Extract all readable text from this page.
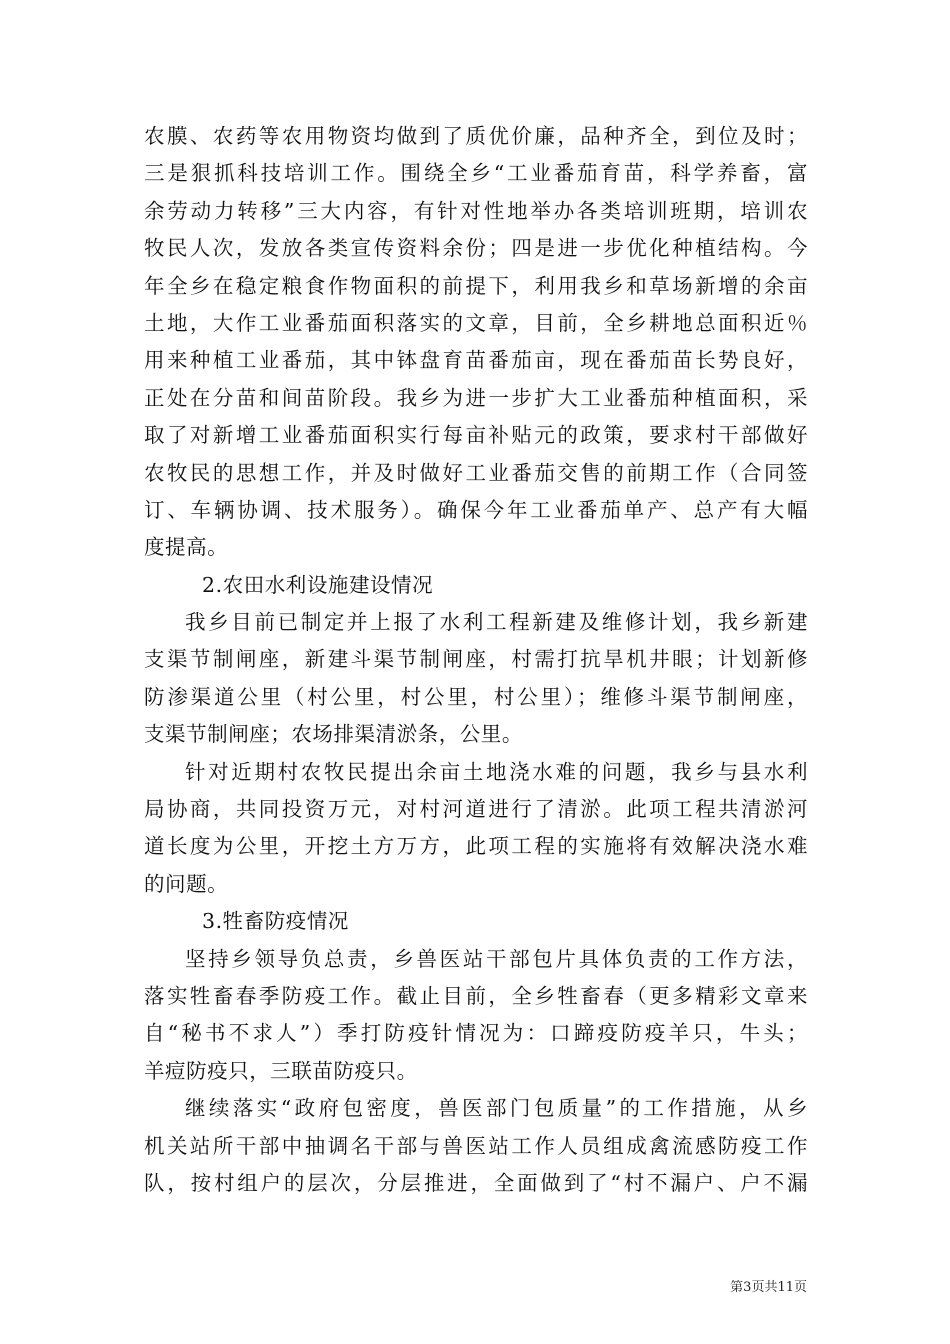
农膜、农药等农用物资均做到了质优价廉，品种齐全，到位及时；
三是狠抓科技培训工作。围绕全乡“工业番茄育苗，科学养畜，富
余劳动力转移”三大内容，有针对性地举办各类培训班期，培训农
牧民人次，发放各类宣传资料余份；四是进一步优化种植结构。今
年全乡在稳定粮食作物面积的前提下，利用我乡和草场新增的余亩
土地，大作工业番茄面积落实的文章，目前，全乡耕地总面积近％
用来种植工业番茄，其中钵盘育苗番茄亩，现在番茄苗长势良好，
正处在分苗和间苗阶段。我乡为进一步扩大工业番茄种植面积，采
取了对新增工业番茄面积实行每亩补贴元的政策，要求村干部做好
农牧民的思想工作，并及时做好工业番茄交售的前期工作（合同签
订、车辆协调、技术服务）。确保今年工业番茄单产、总产有大幅
度提高。
2.农田水利设施建设情况
我乡目前已制定并上报了水利工程新建及维修计划，我乡新建
支渠节制闸座，新建斗渠节制闸座，村需打抗旱机井眼；计划新修
防渗渠道公里（村公里，村公里，村公里）；维修斗渠节制闸座，
支渠节制闸座；农场排渠清淤条，公里。
针对近期村农牧民提出余亩土地浇水难的问题，我乡与县水利
局协商，共同投资万元，对村河道进行了清淤。此项工程共清淤河
道长度为公里，开挖土方万方，此项工程的实施将有效解决浇水难
的问题。
3.牲畜防疫情况
坚持乡领导负总责，乡兽医站干部包片具体负责的工作方法，
落实牲畜春季防疫工作。截止目前，全乡牲畜春（更多精彩文章来
自“秘书不求人”）季打防疫针情况为：口蹄疫防疫羊只，牛头；
羊痘防疫只，三联苗防疫只。
继续落实“政府包密度，兽医部门包质量”的工作措施，从乡
机关站所干部中抽调名干部与兽医站工作人员组成禽流感防疫工作
队，按村组户的层次，分层推进，全面做到了“村不漏户、户不漏
第3页共11页
